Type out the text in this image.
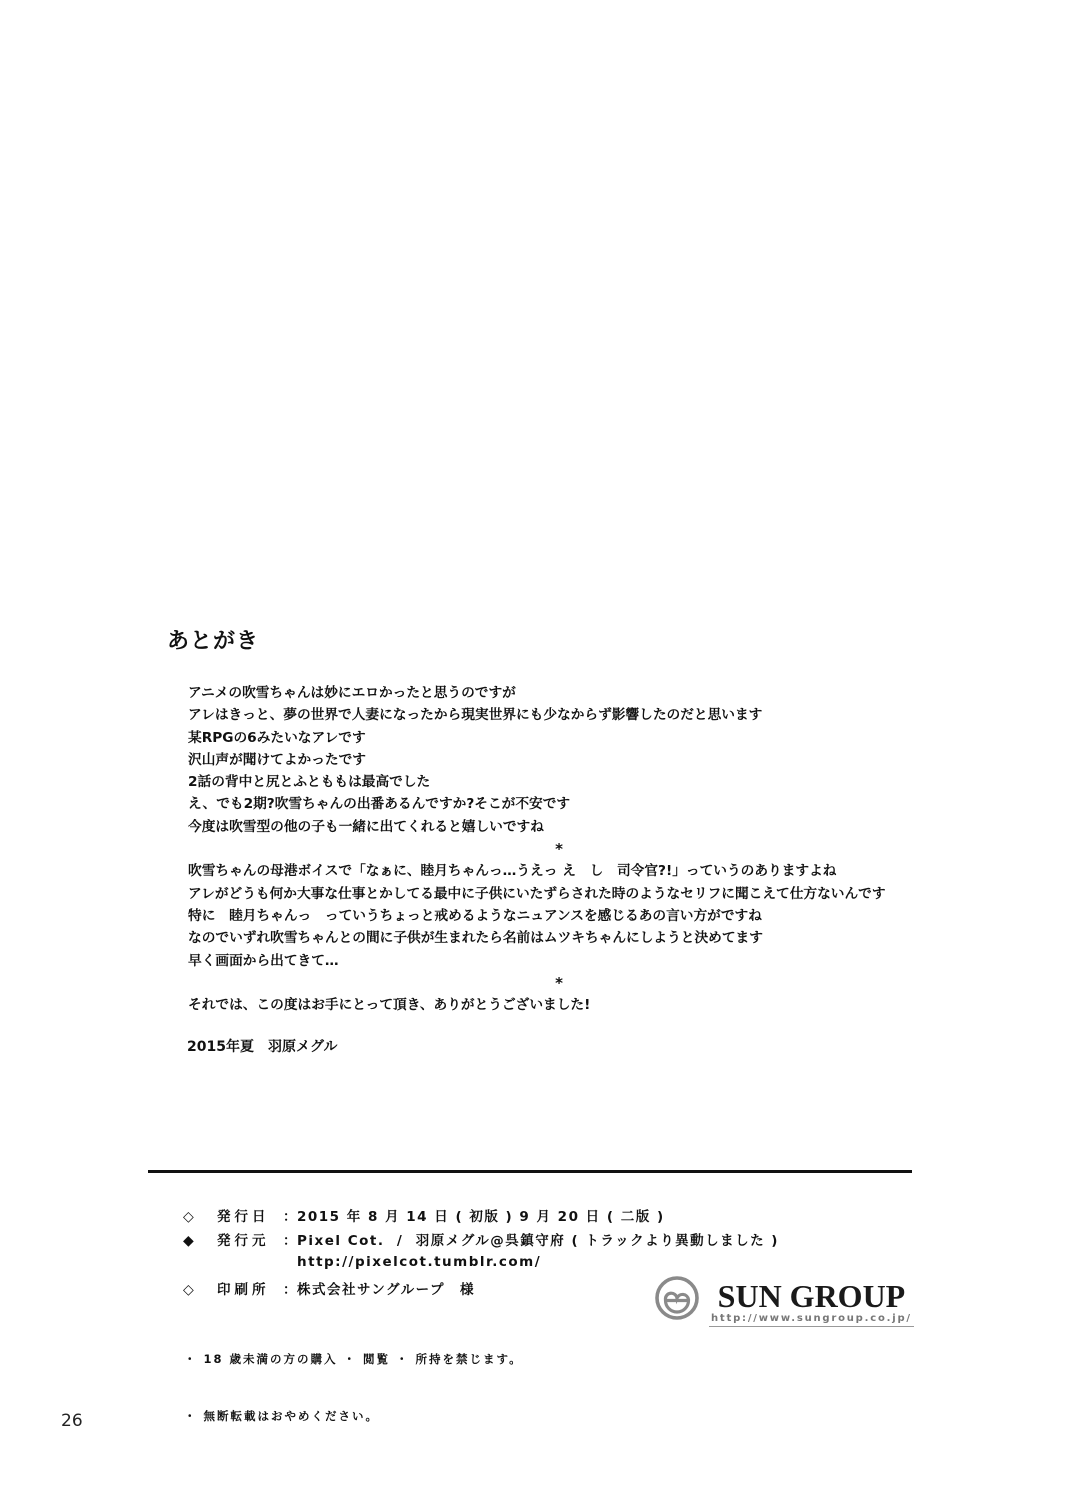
あとがき
アニメの吹雪ちゃんは妙にエロかったと思うのですが
アレはきっと、夢の世界で人妻になったから現実世界にも少なからず影響したのだと思います
某RPGの6みたいなアレです
沢山声が聞けてよかったです
2話の背中と尻とふとももは最高でした
え、でも2期?吹雪ちゃんの出番あるんですか?そこが不安です
今度は吹雪型の他の子も一緒に出てくれると嬉しいですね
*
吹雪ちゃんの母港ボイスで「なぁに、睦月ちゃんっ…うえっ え　し　司令官?!」っていうのありますよね
アレがどうも何か大事な仕事とかしてる最中に子供にいたずらされた時のようなセリフに聞こえて仕方ないんです
特に　睦月ちゃんっ　っていうちょっと戒めるようなニュアンスを感じるあの言い方がですね
なのでいずれ吹雪ちゃんとの間に子供が生まれたら名前はムツキちゃんにしようと決めてます
早く画面から出てきて…
*
それでは、この度はお手にとって頂き、ありがとうございました!
2015年夏　羽原メグル
◇	発行日	： 2015 年 8 月 14 日 ( 初版 ) 9 月 20 日 ( 二版 )
◆	発行元	： Pixel Cot.  /  羽原メグル@呉鎮守府 ( トラックより異動しました )
http://pixelcot.tumblr.com/
◇	印刷所	： 株式会社サングループ　様

・ 18 歳未満の方の購入 ・ 閲覧 ・ 所持を禁じます。

・ 無断転載はおやめください。

SUN GROUP
http://www.sungroup.co.jp/
26
